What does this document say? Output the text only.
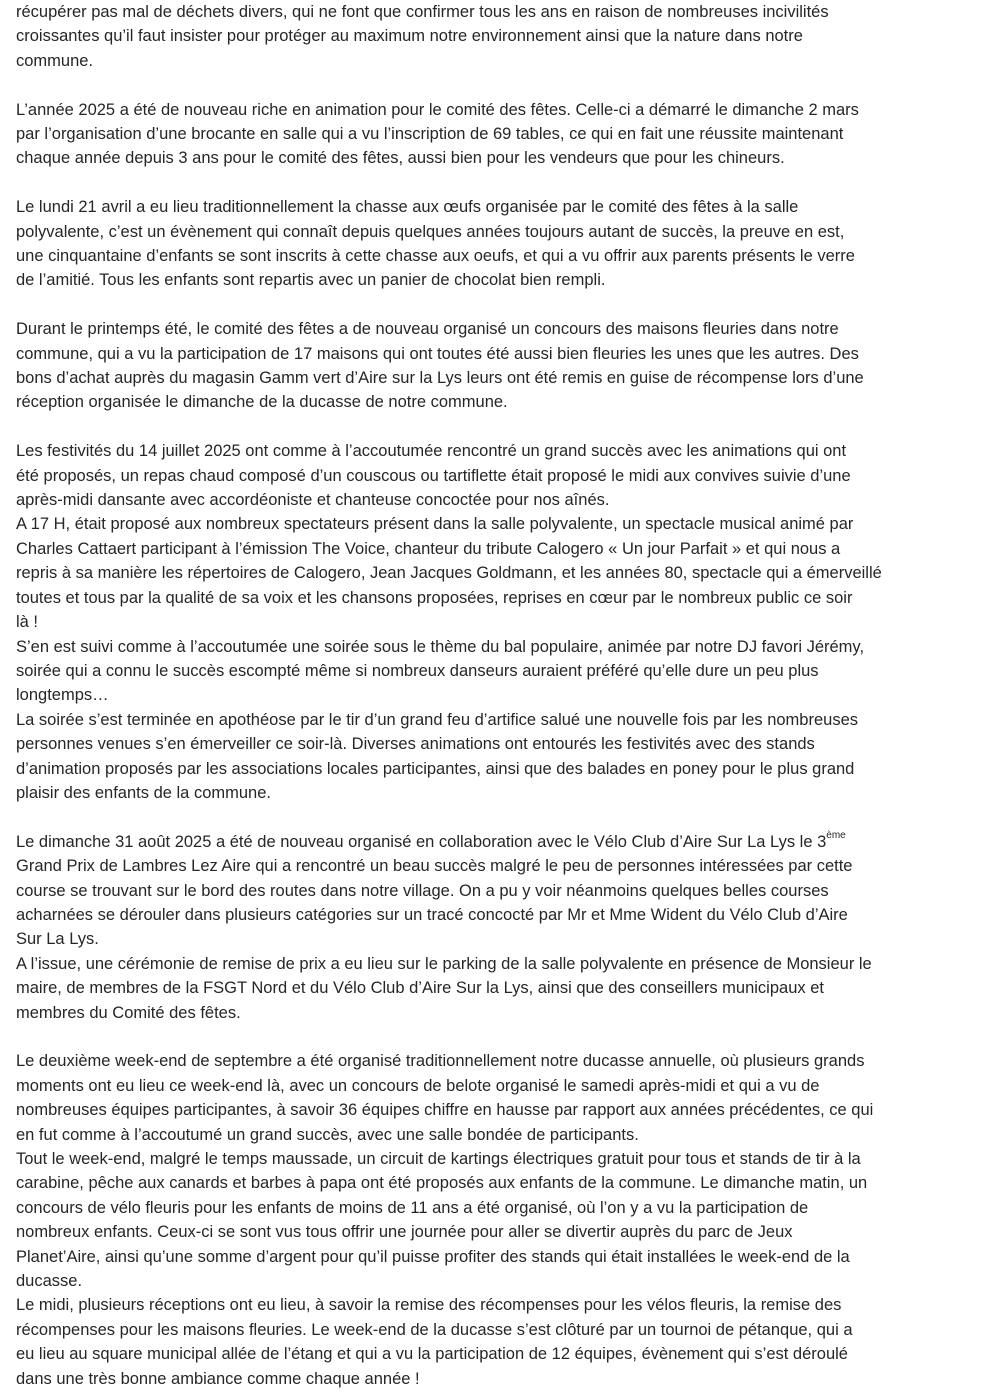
récupérer pas mal de déchets divers, qui ne font que confirmer tous les ans en raison de nombreuses incivilités
croissantes qu’il faut insister pour protéger au maximum notre environnement ainsi que la nature dans notre
commune.
L’année 2025 a été de nouveau riche en animation pour le comité des fêtes. Celle-ci a démarré le dimanche 2 mars
par l’organisation d’une brocante en salle qui a vu l’inscription de 69 tables, ce qui en fait une réussite maintenant
chaque année depuis 3 ans pour le comité des fêtes, aussi bien pour les vendeurs que pour les chineurs.
Le lundi 21 avril a eu lieu traditionnellement la chasse aux œufs organisée par le comité des fêtes à la salle
polyvalente, c’est un évènement qui connaît depuis quelques années toujours autant de succès, la preuve en est,
une cinquantaine d’enfants se sont inscrits à cette chasse aux oeufs, et qui a vu offrir aux parents présents le verre
de l’amitié. Tous les enfants sont repartis avec un panier de chocolat bien rempli.
Durant le printemps été, le comité des fêtes a de nouveau organisé un concours des maisons fleuries dans notre
commune, qui a vu la participation de 17 maisons qui ont toutes été aussi bien fleuries les unes que les autres. Des
bons d’achat auprès du magasin Gamm vert d’Aire sur la Lys leurs ont été remis en guise de récompense lors d’une
réception organisée le dimanche de la ducasse de notre commune.
Les festivités du 14 juillet 2025 ont comme à l’accoutumée rencontré un grand succès avec les animations qui ont
été proposés, un repas chaud composé d’un couscous ou tartiflette était proposé le midi aux convives suivie d’une
après-midi dansante avec accordéoniste et chanteuse concoctée pour nos aînés.
A 17 H, était proposé aux nombreux spectateurs présent dans la salle polyvalente, un spectacle musical animé par
Charles Cattaert participant à l’émission The Voice, chanteur du tribute Calogero « Un jour Parfait » et qui nous a
repris à sa manière les répertoires de Calogero, Jean Jacques Goldmann, et les années 80, spectacle qui a émerveillé
toutes et tous par la qualité de sa voix et les chansons proposées, reprises en cœur par le nombreux public ce soir
là !
S’en est suivi comme à l’accoutumée une soirée sous le thème du bal populaire, animée par notre DJ favori Jérémy,
soirée qui a connu le succès escompté même si nombreux danseurs auraient préféré qu’elle dure un peu plus
longtemps…
La soirée s’est terminée en apothéose par le tir d’un grand feu d’artifice salué une nouvelle fois par les nombreuses
personnes venues s’en émerveiller ce soir-là. Diverses animations ont entourés les festivités avec des stands
d’animation proposés par les associations locales participantes, ainsi que des balades en poney pour le plus grand
plaisir des enfants de la commune.
Le dimanche 31 août 2025 a été de nouveau organisé en collaboration avec le Vélo Club d’Aire Sur La Lys le 3ème
Grand Prix de Lambres Lez Aire qui a rencontré un beau succès malgré le peu de personnes intéressées par cette
course se trouvant sur le bord des routes dans notre village. On a pu y voir néanmoins quelques belles courses
acharnées se dérouler dans plusieurs catégories sur un tracé concocté par Mr et Mme Wident du Vélo Club d’Aire
Sur La Lys.
A l’issue, une cérémonie de remise de prix a eu lieu sur le parking de la salle polyvalente en présence de Monsieur le
maire, de membres de la FSGT Nord et du Vélo Club d’Aire Sur la Lys, ainsi que des conseillers municipaux et
membres du Comité des fêtes.
Le deuxième week-end de septembre a été organisé traditionnellement notre ducasse annuelle, où plusieurs grands
moments ont eu lieu ce week-end là, avec un concours de belote organisé le samedi après-midi et qui a vu de
nombreuses équipes participantes, à savoir 36 équipes chiffre en hausse par rapport aux années précédentes, ce qui
en fut comme à l’accoutumé un grand succès, avec une salle bondée de participants.
Tout le week-end, malgré le temps maussade, un circuit de kartings électriques gratuit pour tous et stands de tir à la
carabine, pêche aux canards et barbes à papa ont été proposés aux enfants de la commune. Le dimanche matin, un
concours de vélo fleuris pour les enfants de moins de 11 ans a été organisé, où l’on y a vu la participation de
nombreux enfants. Ceux-ci se sont vus tous offrir une journée pour aller se divertir auprès du parc de Jeux
Planet’Aire, ainsi qu’une somme d’argent pour qu’il puisse profiter des stands qui était installées le week-end de la
ducasse.
Le midi, plusieurs réceptions ont eu lieu, à savoir la remise des récompenses pour les vélos fleuris, la remise des
récompenses pour les maisons fleuries. Le week-end de la ducasse s’est clôturé par un tournoi de pétanque, qui a
eu lieu au square municipal allée de l’étang et qui a vu la participation de 12 équipes, évènement qui s’est déroulé
dans une très bonne ambiance comme chaque année !
